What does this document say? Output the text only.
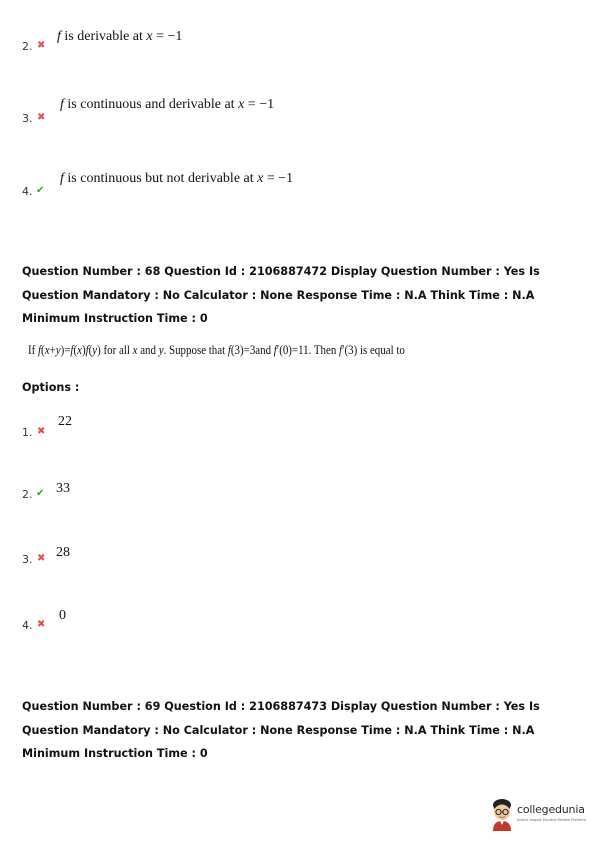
2. ✖
f is derivable at x = −1
3. ✖
f is continuous and derivable at x = −1
4. ✔
f is continuous but not derivable at x = −1
Question Number : 68 Question Id : 2106887472 Display Question Number : Yes Is Question Mandatory : No Calculator : None Response Time : N.A Think Time : N.A Minimum Instruction Time : 0
If f(x+y)=f(x)f(y) for all x and y. Suppose that f(3)=3and f′(0)=11. Then f′(3) is equal to
Options :
1. ✖
22
2. ✔ 33
3. ✖ 28
4. ✖
0
Question Number : 69 Question Id : 2106887473 Display Question Number : Yes Is Question Mandatory : No Calculator : None Response Time : N.A Think Time : N.A Minimum Instruction Time : 0
collegedunia
India's largest Student Review Platform
